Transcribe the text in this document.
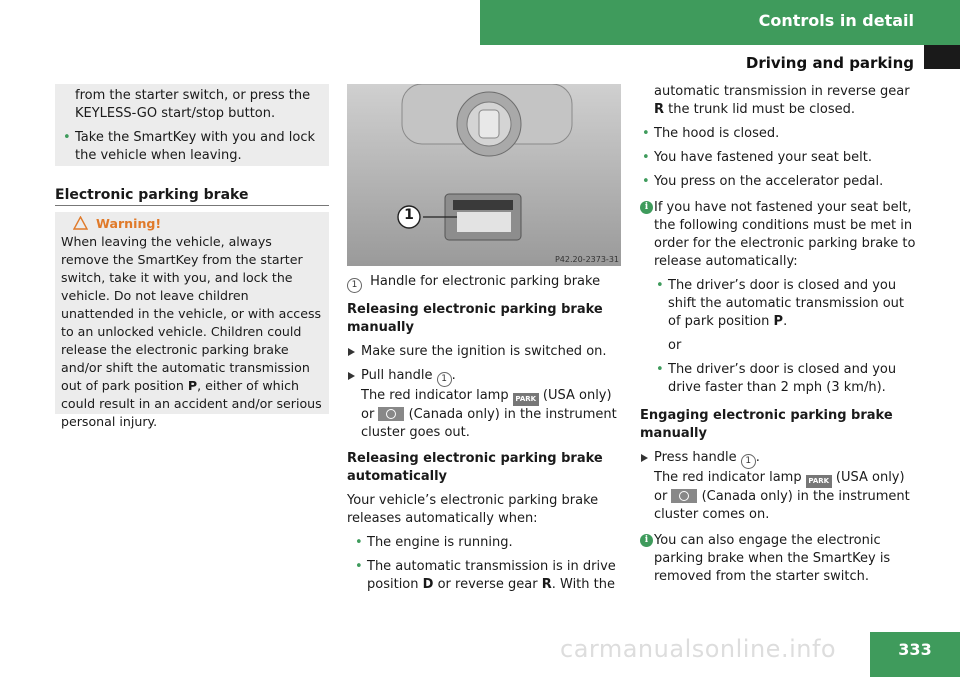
Controls in detail
Driving and parking
from the starter switch, or press the KEYLESS-GO start/stop button.
• Take the SmartKey with you and lock the vehicle when leaving.
Electronic parking brake
Warning!
When leaving the vehicle, always remove the SmartKey from the starter switch, take it with you, and lock the vehicle. Do not leave children unattended in the vehicle, or with access to an unlocked vehicle. Children could release the electronic parking brake and/or shift the automatic transmission out of park position P, either of which could result in an accident and/or serious personal injury.
1
P42.20-2373-31
1 Handle for electronic parking brake
Releasing electronic parking brake manually
Make sure the ignition is switched on.
Pull handle 1 .
The red indicator lamp PARK (USA only)
or	(Canada only) in the instrument cluster goes out.
Releasing electronic parking brake automatically
Your vehicle’s electronic parking brake releases automatically when:
• The engine is running.
• The automatic transmission is in drive position D or reverse gear R. With the
automatic transmission in reverse gear R the trunk lid must be closed.
• The hood is closed.
• You have fastened your seat belt.
• You press on the accelerator pedal.
i If you have not fastened your seat belt, the following conditions must be met in order for the electronic parking brake to release automatically:
• The driver’s door is closed and you shift the automatic transmission out of park position P.
or
• The driver’s door is closed and you drive faster than 2 mph (3 km/h).
Engaging electronic parking brake manually
Press handle 1 .
The red indicator lamp PARK (USA only)
or	(Canada only) in the instrument cluster comes on.
i You can also engage the electronic parking brake when the SmartKey is removed from the starter switch.
carmanualsonline.info	333
